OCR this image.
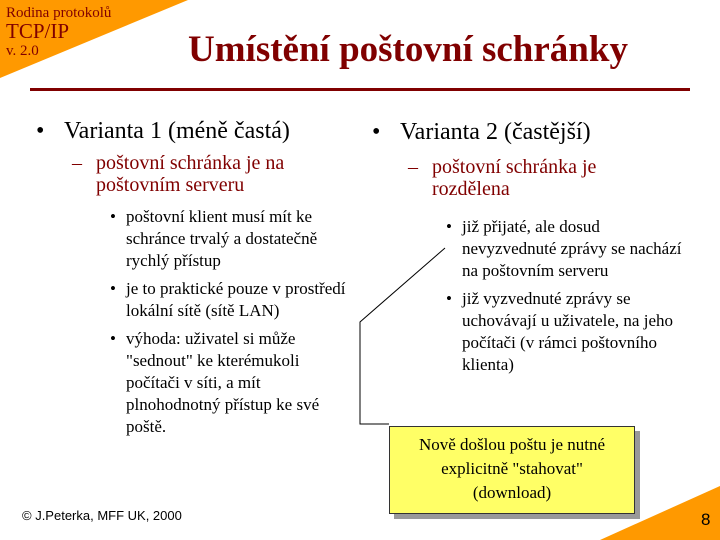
Rodina protokolů
TCP/IP
v. 2.0	Umístění poštovní schránky
• Varianta 1 (méně častá)
– poštovní schránka je na poštovním serveru
• poštovní klient musí mít ke schránce trvalý a dostatečně rychlý přístup
• je to praktické pouze v prostředí lokální sítě (sítě LAN)
• výhoda: uživatel si může "sednout" ke kterémukoli počítači v síti, a mít plnohodnotný přístup ke své poště.
• Varianta 2 (častější)
– poštovní schránka je rozdělena
• již přijaté, ale dosud nevyzvednuté zprávy se nachází na poštovním serveru
• již vyzvednuté zprávy se uchovávají u uživatele, na jeho počítači (v rámci poštovního klienta)
Nově došlou poštu je nutné
explicitně "stahovat"
(download)
© J.Peterka, MFF UK, 2000	8
